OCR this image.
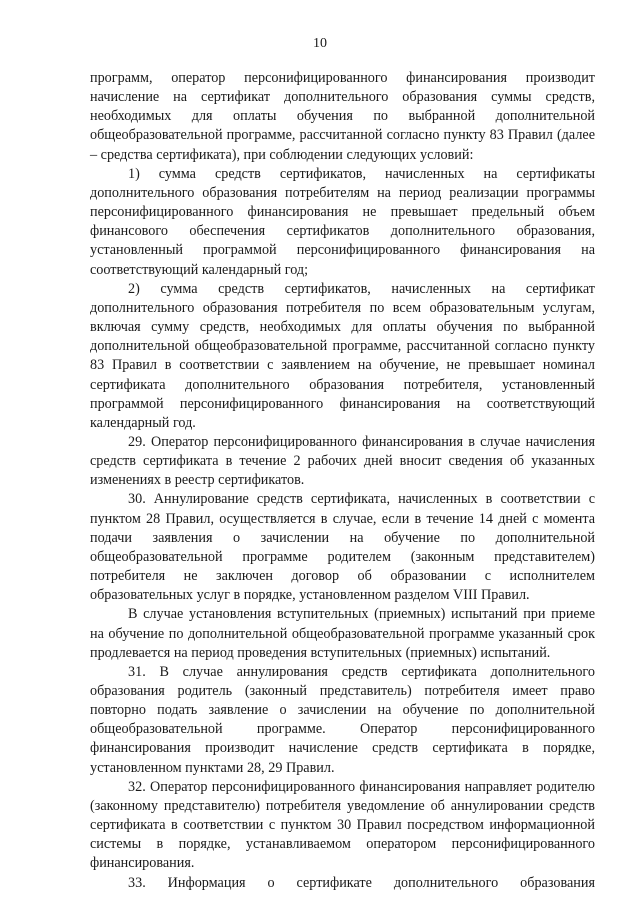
10

программ, оператор персонифицированного финансирования производит начисление на сертификат дополнительного образования суммы средств, необходимых для оплаты обучения по выбранной дополнительной общеобразовательной программе, рассчитанной согласно пункту 83 Правил (далее – средства сертификата), при соблюдении следующих условий:

1) сумма средств сертификатов, начисленных на сертификаты дополнительного образования потребителям на период реализации программы персонифицированного финансирования не превышает предельный объем финансового обеспечения сертификатов дополнительного образования, установленный программой персонифицированного финансирования на соответствующий календарный год;

2) сумма средств сертификатов, начисленных на сертификат дополнительного образования потребителя по всем образовательным услугам, включая сумму средств, необходимых для оплаты обучения по выбранной дополнительной общеобразовательной программе, рассчитанной согласно пункту 83 Правил в соответствии с заявлением на обучение, не превышает номинал сертификата дополнительного образования потребителя, установленный программой персонифицированного финансирования на соответствующий календарный год.

29. Оператор персонифицированного финансирования в случае начисления средств сертификата в течение 2 рабочих дней вносит сведения об указанных изменениях в реестр сертификатов.

30. Аннулирование средств сертификата, начисленных в соответствии с пунктом 28 Правил, осуществляется в случае, если в течение 14 дней с момента подачи заявления о зачислении на обучение по дополнительной общеобразовательной программе родителем (законным представителем) потребителя не заключен договор об образовании с исполнителем образовательных услуг в порядке, установленном разделом VIII Правил.

В случае установления вступительных (приемных) испытаний при приеме на обучение по дополнительной общеобразовательной программе указанный срок продлевается на период проведения вступительных (приемных) испытаний.

31. В случае аннулирования средств сертификата дополнительного образования родитель (законный представитель) потребителя имеет право повторно подать заявление о зачислении на обучение по дополнительной общеобразовательной программе. Оператор персонифицированного финансирования производит начисление средств сертификата в порядке, установленном пунктами 28, 29 Правил.

32. Оператор персонифицированного финансирования направляет родителю (законному представителю) потребителя уведомление об аннулировании средств сертификата в соответствии с пунктом 30 Правил посредством информационной системы в порядке, устанавливаемом оператором персонифицированного финансирования.

33. Информация о сертификате дополнительного образования
